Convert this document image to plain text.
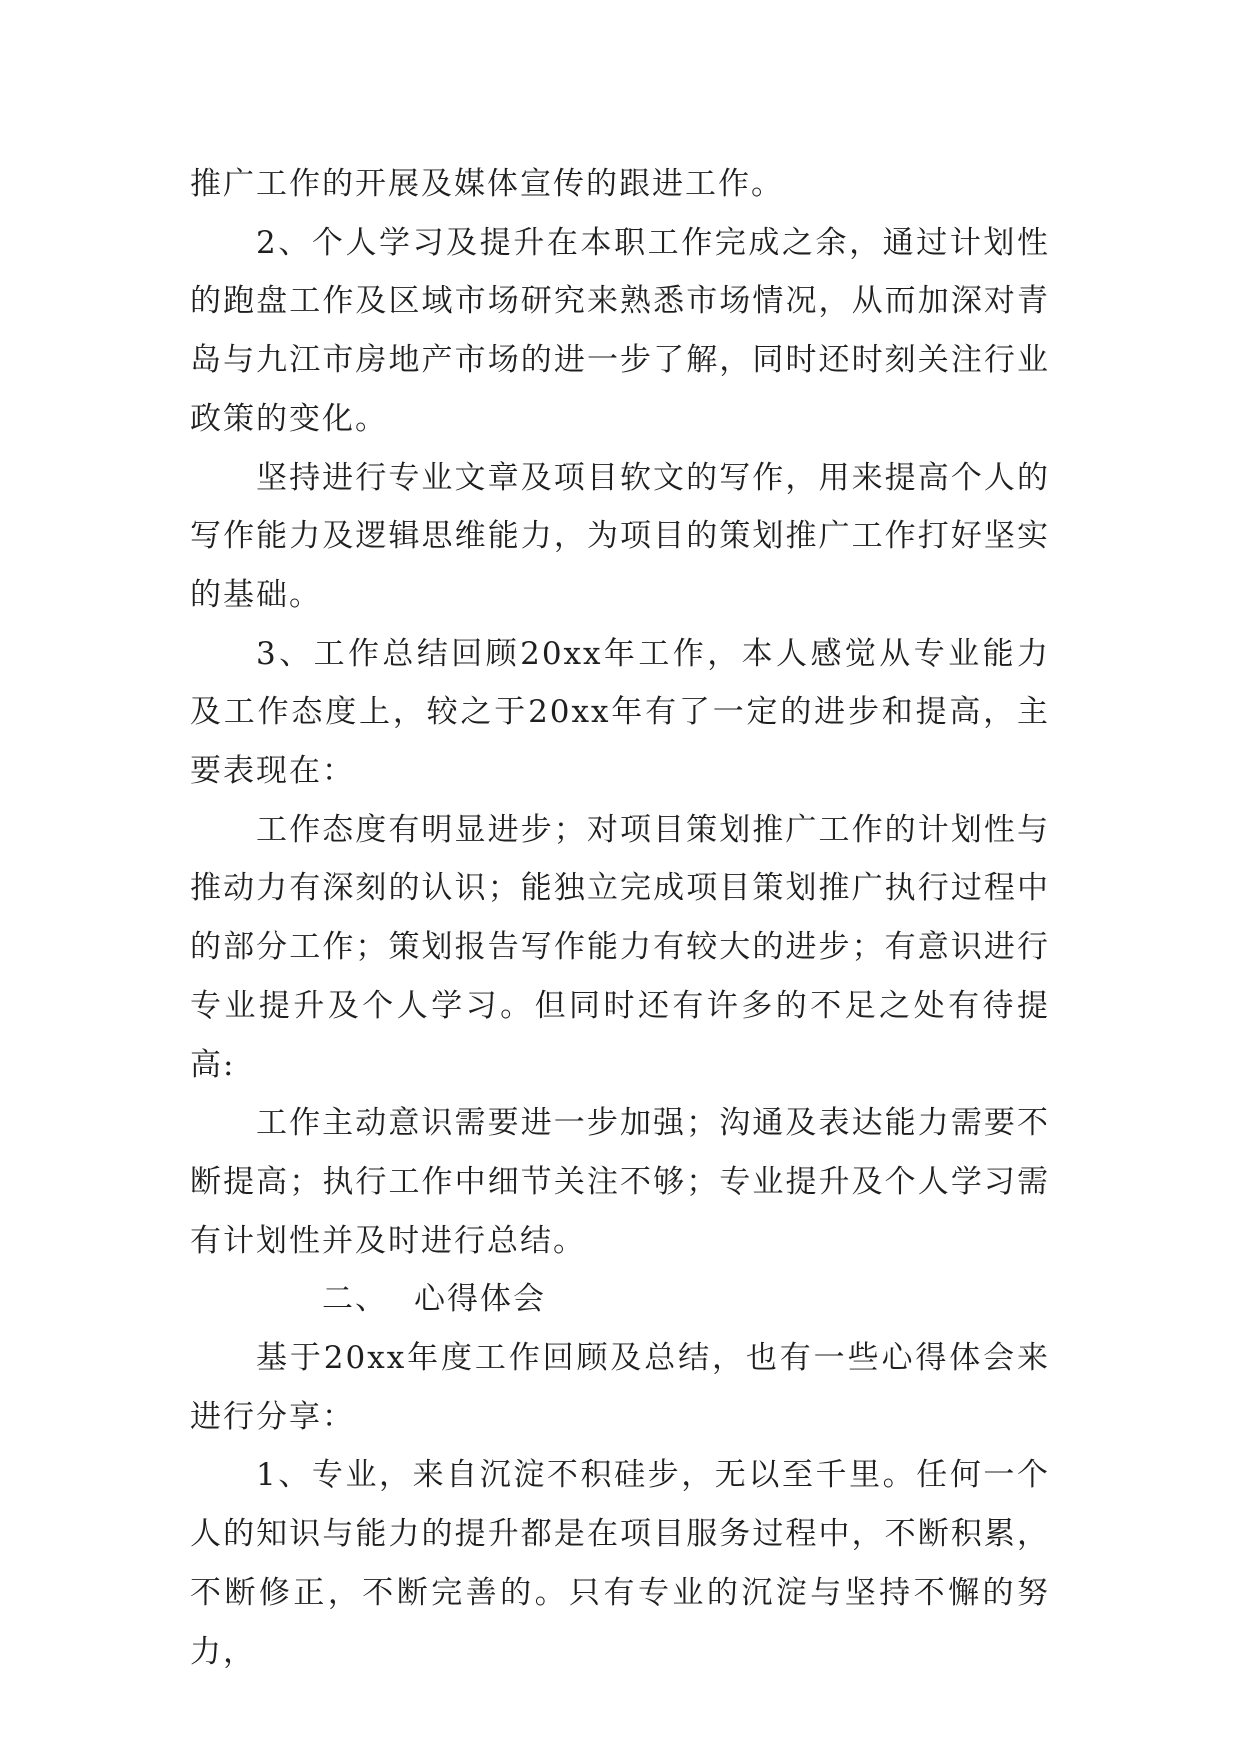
推广工作的开展及媒体宣传的跟进工作。

2、个人学习及提升在本职工作完成之余，通过计划性的跑盘工作及区域市场研究来熟悉市场情况，从而加深对青岛与九江市房地产市场的进一步了解，同时还时刻关注行业政策的变化。

坚持进行专业文章及项目软文的写作，用来提高个人的写作能力及逻辑思维能力，为项目的策划推广工作打好坚实的基础。

3、工作总结回顾20xx年工作，本人感觉从专业能力及工作态度上，较之于20xx年有了一定的进步和提高，主要表现在：

工作态度有明显进步；对项目策划推广工作的计划性与推动力有深刻的认识；能独立完成项目策划推广执行过程中的部分工作；策划报告写作能力有较大的进步；有意识进行专业提升及个人学习。但同时还有许多的不足之处有待提高:

工作主动意识需要进一步加强；沟通及表达能力需要不断提高；执行工作中细节关注不够；专业提升及个人学习需有计划性并及时进行总结。

二、 心得体会

基于20xx年度工作回顾及总结，也有一些心得体会来进行分享：

1、专业，来自沉淀不积硅步，无以至千里。任何一个人的知识与能力的提升都是在项目服务过程中，不断积累，不断修正，不断完善的。只有专业的沉淀与坚持不懈的努力，
